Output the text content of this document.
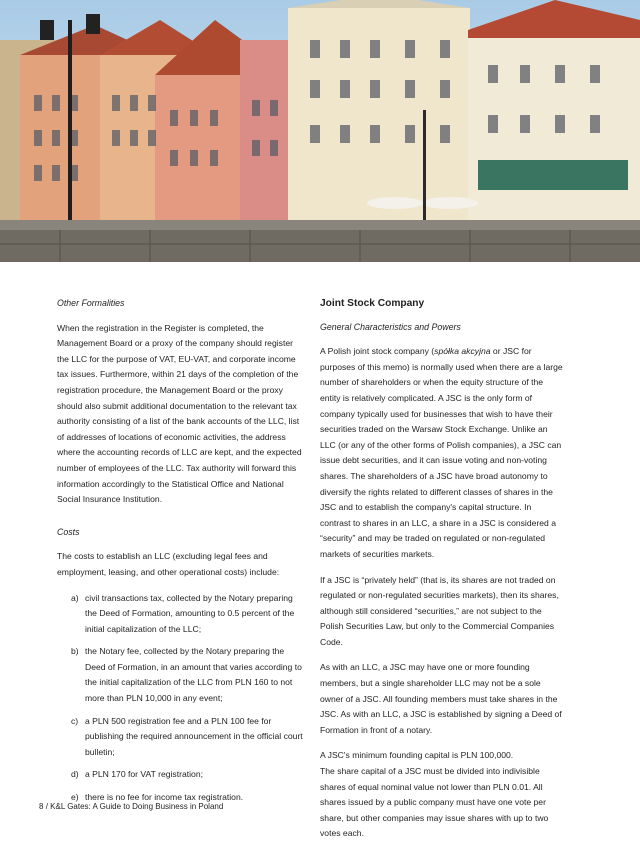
Other Formalities

When the registration in the Register is completed, the Management Board or a proxy of the company should register the LLC for the purpose of VAT, EU-VAT, and corporate income tax issues. Furthermore, within 21 days of the completion of the registration procedure, the Management Board or the proxy should also submit additional documentation to the relevant tax authority consisting of a list of the bank accounts of the LLC, list of addresses of locations of economic activities, the address where the accounting records of LLC are kept, and the expected number of employees of the LLC. Tax authority will forward this information accordingly to the Statistical Office and National Social Insurance Institution.

Costs

The costs to establish an LLC (excluding legal fees and employment, leasing, and other operational costs) include:

a) civil transactions tax, collected by the Notary preparing the Deed of Formation, amounting to 0.5 percent of the initial capitalization of the LLC;
b) the Notary fee, collected by the Notary preparing the Deed of Formation, in an amount that varies according to the initial capitalization of the LLC from PLN 160 to not more than PLN 10,000 in any event;
c) a PLN 500 registration fee and a PLN 100 fee for publishing the required announcement in the official court bulletin;
d) a PLN 170 for VAT registration;
e) there is no fee for income tax registration.
Joint Stock Company
General Characteristics and Powers

A Polish joint stock company (spółka akcyjna or JSC for purposes of this memo) is normally used when there are a large number of shareholders or when the equity structure of the entity is relatively complicated. A JSC is the only form of company typically used for businesses that wish to have their securities traded on the Warsaw Stock Exchange. Unlike an LLC (or any of the other forms of Polish companies), a JSC can issue debt securities, and it can issue voting and non-voting shares. The shareholders of a JSC have broad autonomy to diversify the rights related to different classes of shares in the JSC and to establish the company's capital structure. In contrast to shares in an LLC, a share in a JSC is considered a “security” and may be traded on regulated or non-regulated markets of securities markets.

If a JSC is “privately held” (that is, its shares are not traded on regulated or non-regulated securities markets), then its shares, although still considered “securities,” are not subject to the Polish Securities Law, but only to the Commercial Companies Code.

As with an LLC, a JSC may have one or more founding members, but a single shareholder LLC may not be a sole owner of a JSC. All founding members must take shares in the JSC. As with an LLC, a JSC is established by signing a Deed of Formation in front of a notary.

A JSC's minimum founding capital is PLN 100,000.
The share capital of a JSC must be divided into indivisible shares of equal nominal value not lower than PLN 0.01. All shares issued by a public company must have one vote per share, but other companies may issue shares with up to two votes each.

8 / K&L Gates: A Guide to Doing Business in Poland
